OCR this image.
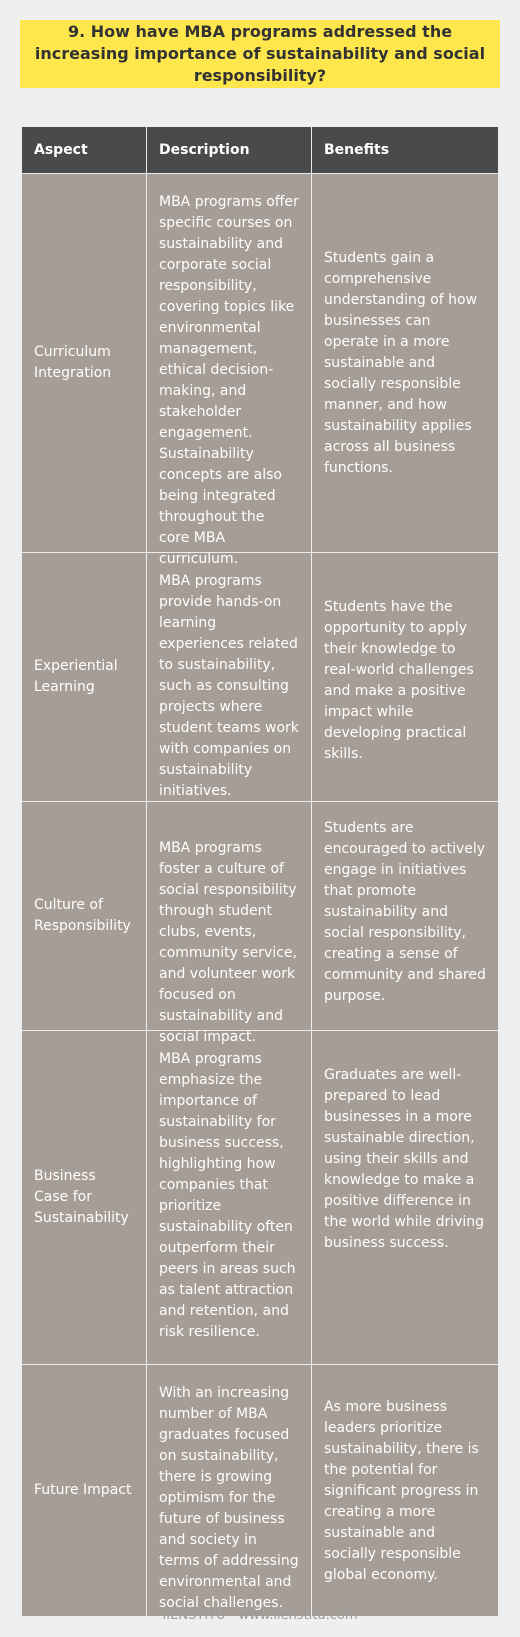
9. How have MBA programs addressed the increasing importance of sustainability and social responsibility?
Aspect	Description	Benefits
Curriculum Integration
MBA programs offer specific courses on sustainability and corporate social responsibility, covering topics like environmental management, ethical decision-making, and stakeholder engagement. Sustainability concepts are also being integrated throughout the core MBA
Students gain a comprehensive understanding of how businesses can operate in a more sustainable and socially responsible manner, and how sustainability applies across all business functions.
Experiential Learning
MBA programs provide hands-on learning experiences related to sustainability, such as consulting projects where student teams work with companies on sustainability initiatives.
Students have the opportunity to apply their knowledge to real-world challenges and make a positive impact while developing practical skills.
Culture of Responsibility
MBA programs foster a culture of social responsibility through student clubs, events, community service, and volunteer work focused on sustainability and
Students are encouraged to actively engage in initiatives that promote sustainability and social responsibility, creating a sense of community and shared purpose.
Business Case for Sustainability
MBA programs emphasize the importance of sustainability for business success, highlighting how companies that prioritize sustainability often outperform their peers in areas such as talent attraction and retention, and risk resilience.
Graduates are well-prepared to lead businesses in a more sustainable direction, using their skills and knowledge to make a positive difference in the world while driving business success.
Future Impact
With an increasing number of MBA graduates focused on sustainability, there is growing optimism for the future of business and society in terms of addressing environmental and social challenges.
As more business leaders prioritize sustainability, there is the potential for significant progress in creating a more sustainable and socially responsible global economy.
IIENSTITU - www.iienstitu.com
